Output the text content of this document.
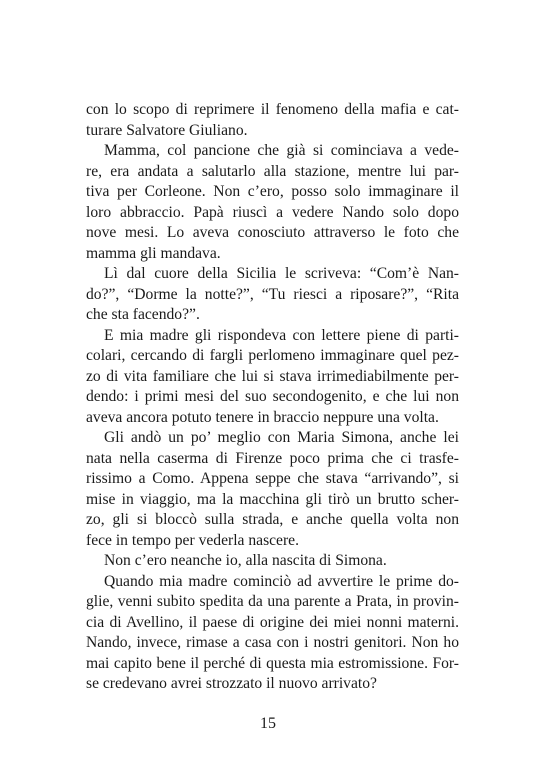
con lo scopo di reprimere il fenomeno della mafia e cat-
turare Salvatore Giuliano.
Mamma, col pancione che già si cominciava a vede-
re, era andata a salutarlo alla stazione, mentre lui par-
tiva per Corleone. Non c’ero, posso solo immaginare il
loro abbraccio. Papà riuscì a vedere Nando solo dopo
nove mesi. Lo aveva conosciuto attraverso le foto che
mamma gli mandava.
Lì dal cuore della Sicilia le scriveva: “Com’è Nan-
do?”, “Dorme la notte?”, “Tu riesci a riposare?”, “Rita
che sta facendo?”.
E mia madre gli rispondeva con lettere piene di parti-
colari, cercando di fargli perlomeno immaginare quel pez-
zo di vita familiare che lui si stava irrimediabilmente per-
dendo: i primi mesi del suo secondogenito, e che lui non
aveva ancora potuto tenere in braccio neppure una volta.
Gli andò un po’ meglio con Maria Simona, anche lei
nata nella caserma di Firenze poco prima che ci trasfe-
rissimo a Como. Appena seppe che stava “arrivando”, si
mise in viaggio, ma la macchina gli tirò un brutto scher-
zo, gli si bloccò sulla strada, e anche quella volta non
fece in tempo per vederla nascere.
Non c’ero neanche io, alla nascita di Simona.
Quando mia madre cominciò ad avvertire le prime do-
glie, venni subito spedita da una parente a Prata, in provin-
cia di Avellino, il paese di origine dei miei nonni materni.
Nando, invece, rimase a casa con i nostri genitori. Non ho
mai capito bene il perché di questa mia estromissione. For-
se credevano avrei strozzato il nuovo arrivato?
15
